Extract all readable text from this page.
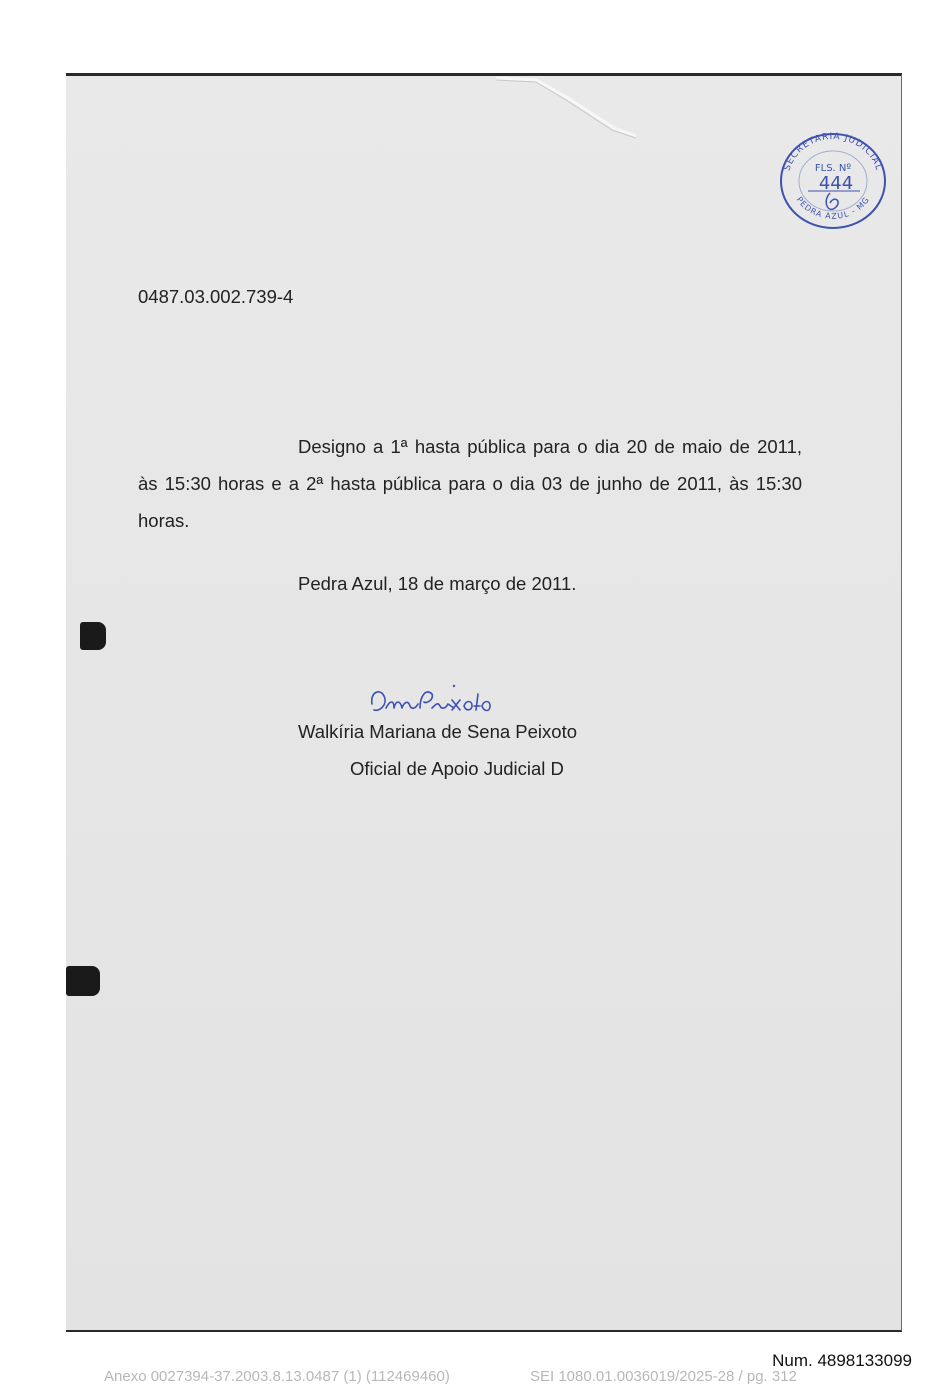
SECRETARIA JUDICIAL
PEDRA AZUL - MG
FLS. Nº
444
0487.03.002.739-4
Designo a 1ª hasta pública para o dia 20 de maio de 2011, às 15:30 horas e a 2ª hasta pública para o dia 03 de junho de 2011, às 15:30 horas.
Pedra Azul, 18 de março de 2011.
Walkíria Mariana de Sena Peixoto
Oficial de Apoio Judicial D
Num. 4898133099
Anexo 0027394-37.2003.8.13.0487 (1) (112469460)	SEI 1080.01.0036019/2025-28 / pg. 312
